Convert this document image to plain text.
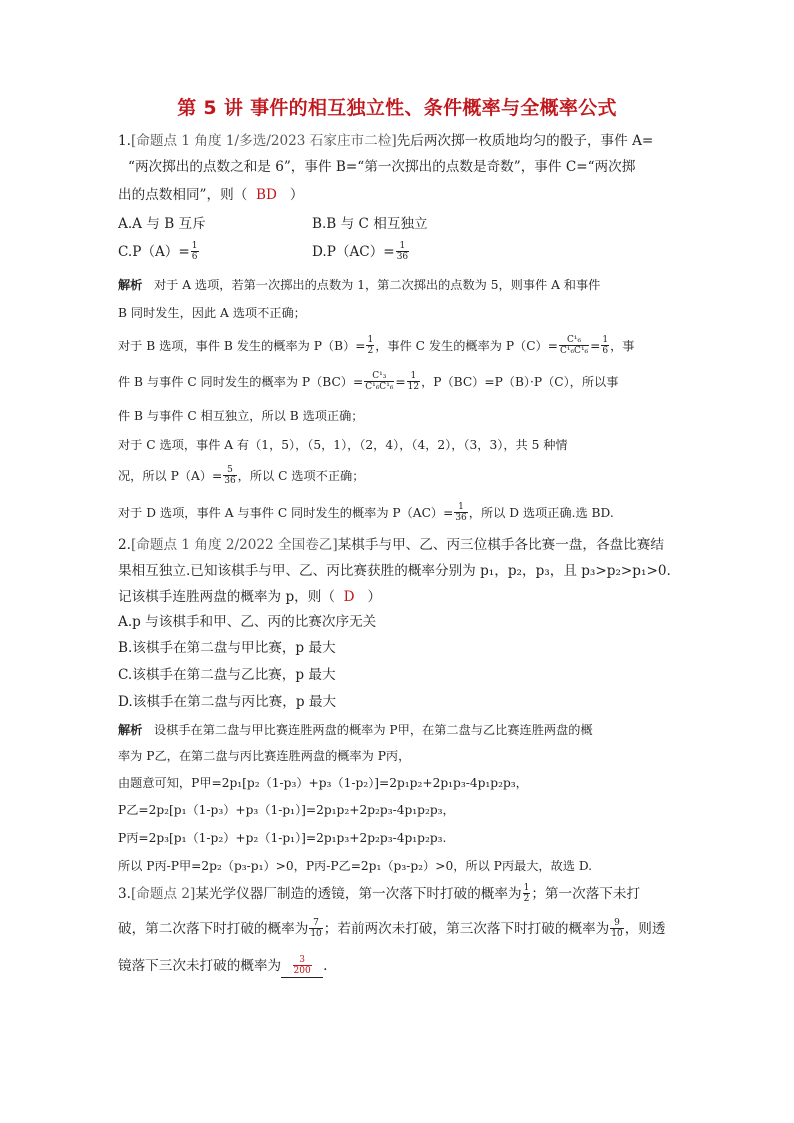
第 5 讲 事件的相互独立性、条件概率与全概率公式
1.[命题点 1 角度 1/多选/2023 石家庄市二检]先后两次掷一枚质地均匀的骰子，事件 A=
“两次掷出的点数之和是 6”，事件 B=“第一次掷出的点数是奇数”，事件 C=“两次掷
出的点数相同”，则（ BD ）
A.A 与 B 互斥	B.B 与 C 相互独立
$C.P(A)= \frac{1}{6}$	$D.P(AC)= \frac{1}{36}$
解析 对于 A 选项，若第一次掷出的点数为 1，第二次掷出的点数为 5，则事件 A 和事件
B 同时发生，因此 A 选项不正确；
对于 B 选项，事件 B 发生的概率为 $P(B)= \frac{1}{2}$ ，事件 C 发生的概率为 $P(C)= \frac{\text{C¹₆}}{\text{C¹₆C¹₆}} = \frac{1}{6}$ ，事
件 B 与事件 C 同时发生的概率为 $P(BC)= \frac{\text{C¹₃}}{\text{C¹₆C¹₆}} = \frac{1}{12}$ ，P（BC）=P（B）·P（C），所以事
件 B 与事件 C 相互独立，所以 B 选项正确；
对于 C 选项，事件 A 有（1，5），（5，1），（2，4），（4，2），（3，3），共 5 种情
况，所以 $P(A)= \frac{5}{36}$ ，所以 C 选项不正确；
对于 D 选项，事件 A 与事件 C 同时发生的概率为 $P(AC)= \frac{1}{36}$ ，所以 D 选项正确.选 BD.
2.[命题点 1 角度 2/2022 全国卷乙]某棋手与甲、乙、丙三位棋手各比赛一盘，各盘比赛结
果相互独立.已知该棋手与甲、乙、丙比赛获胜的概率分别为 p₁，p₂，p₃，且 p₃>p₂>p₁>0.
记该棋手连胜两盘的概率为 p，则（ D ）
A.p 与该棋手和甲、乙、丙的比赛次序无关
B.该棋手在第二盘与甲比赛，p 最大
C.该棋手在第二盘与乙比赛，p 最大
D.该棋手在第二盘与丙比赛，p 最大
解析 设棋手在第二盘与甲比赛连胜两盘的概率为 P甲，在第二盘与乙比赛连胜两盘的概
率为 P乙，在第二盘与丙比赛连胜两盘的概率为 P丙，
由题意可知，P甲=2p₁[p₂（1-p₃）+p₃（1-p₂）]=2p₁p₂+2p₁p₃-4p₁p₂p₃，
P乙=2p₂[p₁（1-p₃）+p₃（1-p₁）]=2p₁p₂+2p₂p₃-4p₁p₂p₃，
P丙=2p₃[p₁（1-p₂）+p₂（1-p₁）]=2p₁p₃+2p₂p₃-4p₁p₂p₃.
所以 P丙-P甲=2p₂（p₃-p₁）>0，P丙-P乙=2p₁（p₃-p₂）>0，所以 P丙最大，故选 D.
3.[命题点 2]某光学仪器厂制造的透镜，第一次落下时打破的概率为 $\frac{1}{2}$ ；第一次落下未打
破，第二次落下时打破的概率为 $\frac{7}{10}$ ；若前两次未打破，第三次落下时打破的概率为 $\frac{9}{10}$ ，则透
镜落下三次未打破的概率为 $\frac{3}{200}$ .
